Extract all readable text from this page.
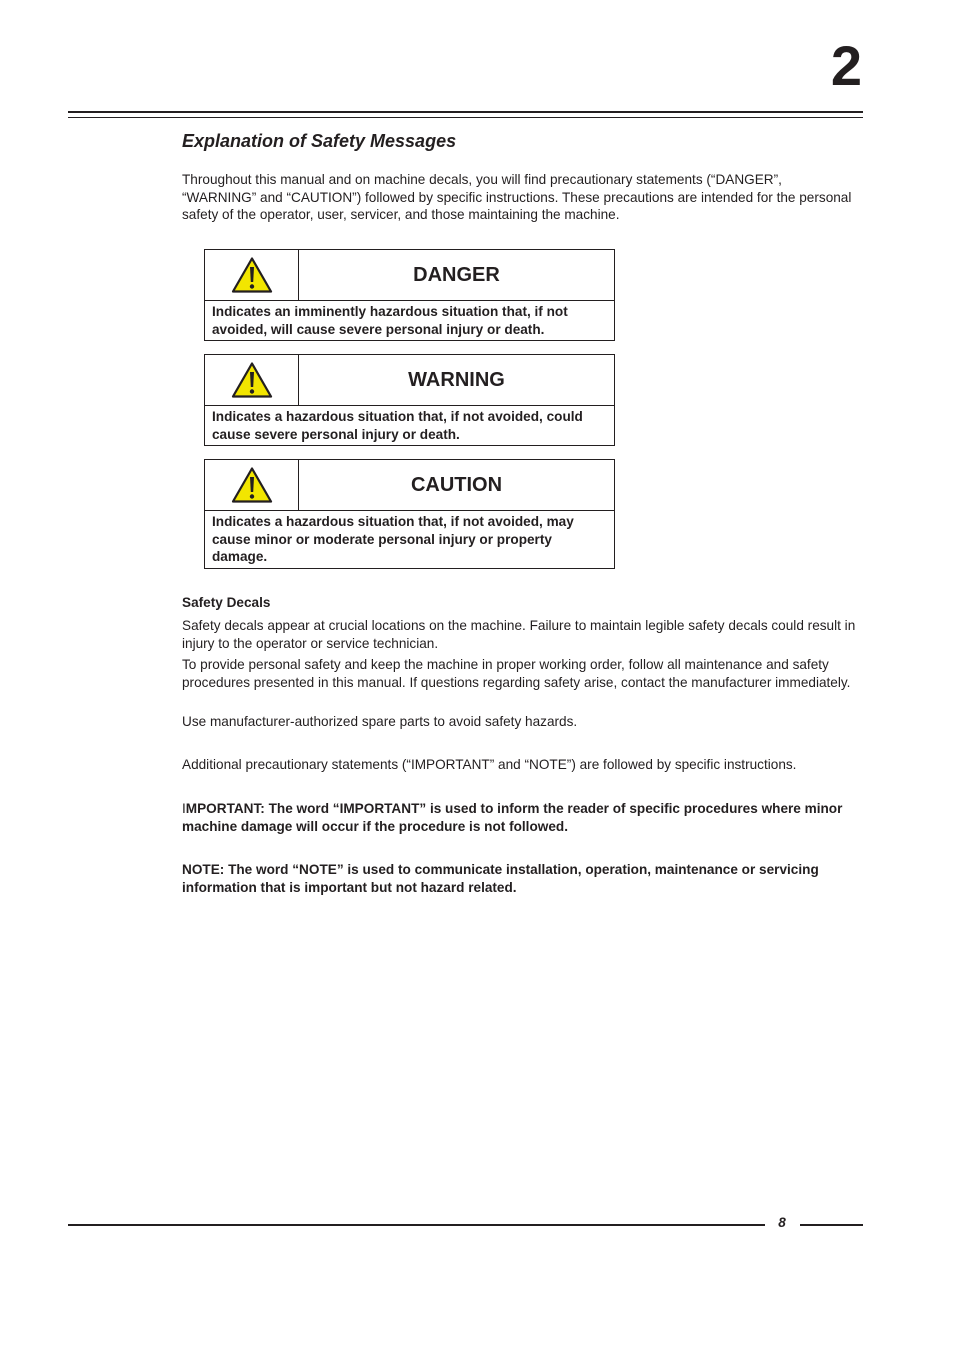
2
Explanation of Safety Messages

Throughout this manual and on machine decals, you will find precautionary statements (“DANGER”, “WARNING” and “CAUTION”) followed by specific instructions. These precautions are intended for the personal safety of the operator, user, servicer, and those maintaining the machine.

DANGER
Indicates an imminently hazardous situation that, if not avoided, will cause severe personal injury or death.
WARNING
Indicates a hazardous situation that, if not avoided, could cause severe personal injury or death.
CAUTION
Indicates a hazardous situation that, if not avoided, may cause minor or moderate personal injury or property damage.
Safety Decals

Safety decals appear at crucial locations on the machine. Failure to maintain legible safety decals could result in injury to the operator or service technician.

To provide personal safety and keep the machine in proper working order, follow all maintenance and safety procedures presented in this manual. If questions regarding safety arise, contact the manufacturer immediately.

Use manufacturer-authorized spare parts to avoid safety hazards.

Additional precautionary statements (“IMPORTANT” and “NOTE”) are followed by specific instructions.

IMPORTANT: The word “IMPORTANT” is used to inform the reader of specific procedures where minor machine damage will occur if the procedure is not followed.

NOTE: The word “NOTE” is used to communicate installation, operation, maintenance or servicing information that is important but not hazard related.

8
